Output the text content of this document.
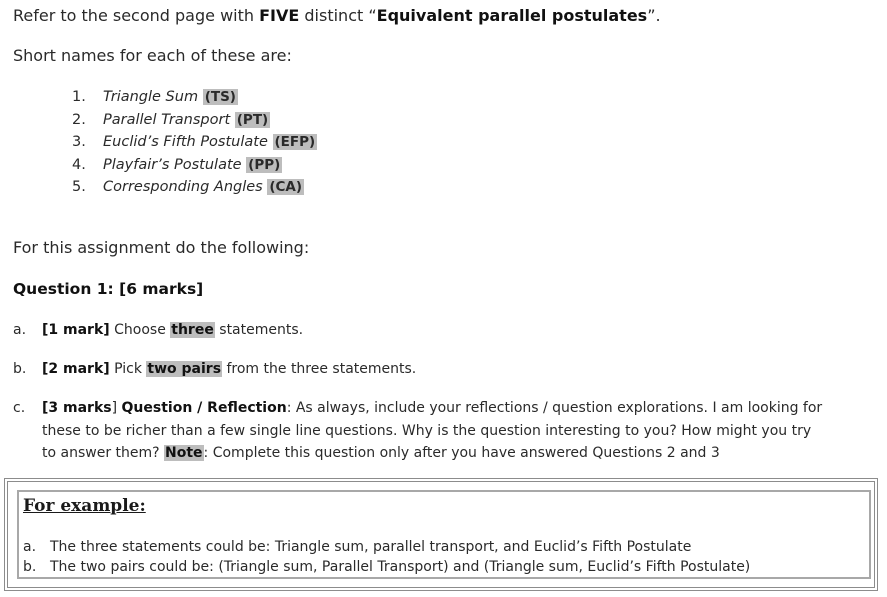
Refer to the second page with FIVE distinct “Equivalent parallel postulates”.
Short names for each of these are:
1. Triangle Sum (TS)
2. Parallel Transport (PT)
3. Euclid’s Fifth Postulate (EFP)
4. Playfair’s Postulate (PP)
5. Corresponding Angles (CA)
For this assignment do the following:
Question 1: [6 marks]
a. [1 mark] Choose three statements.
b. [2 mark] Pick two pairs from the three statements.
c. [3 marks] Question / Reflection: As always, include your reflections / question explorations. I am looking for
these to be richer than a few single line questions. Why is the question interesting to you? How might you try
to answer them? Note: Complete this question only after you have answered Questions 2 and 3
For example:
a. The three statements could be: Triangle sum, parallel transport, and Euclid’s Fifth Postulate
b. The two pairs could be: (Triangle sum, Parallel Transport) and (Triangle sum, Euclid’s Fifth Postulate)
